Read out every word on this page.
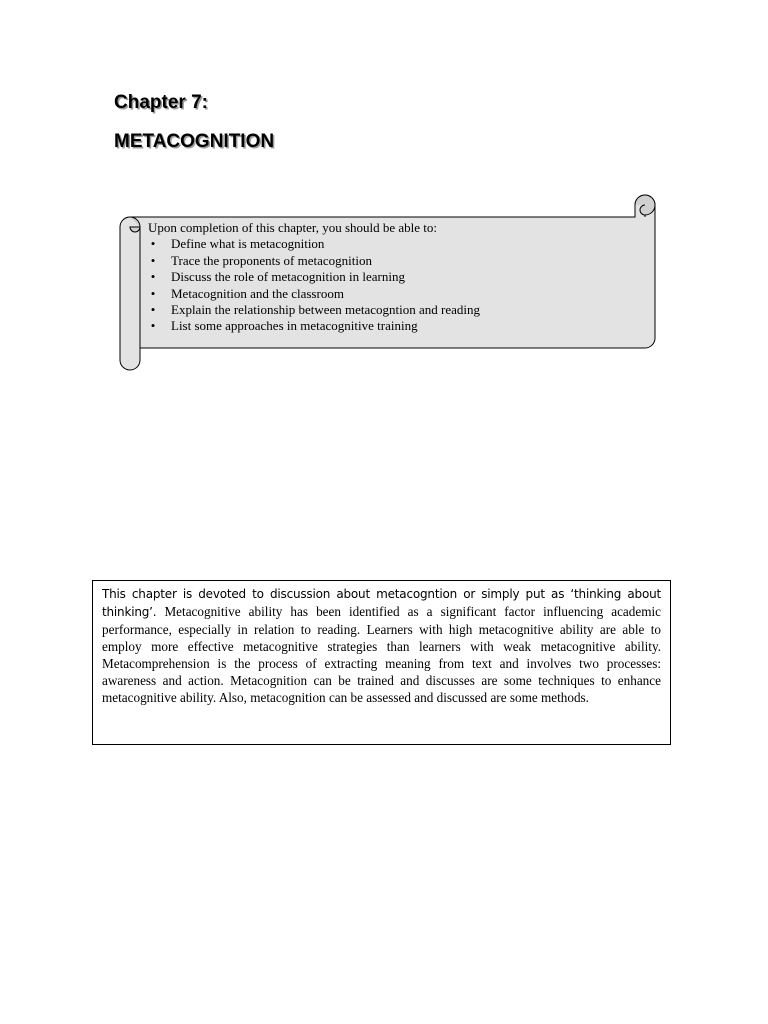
Chapter 7:
METACOGNITION

Upon completion of this chapter, you should be able to:

• Define what is metacognition
• Trace the proponents of metacognition
• Discuss the role of metacognition in learning
• Metacognition and the classroom
• Explain the relationship between metacogntion and reading
• List some approaches in metacognitive training

This chapter is devoted to discussion about metacogntion or simply put as ‘thinking about thinking’. Metacognitive ability has been identified as a significant factor influencing academic performance, especially in relation to reading. Learners with high metacognitive ability are able to employ more effective metacognitive strategies than learners with weak metacognitive ability. Metacomprehension is the process of extracting meaning from text and involves two processes: awareness and action. Metacognition can be trained and discusses are some techniques to enhance metacognitive ability. Also, metacognition can be assessed and discussed are some methods.
